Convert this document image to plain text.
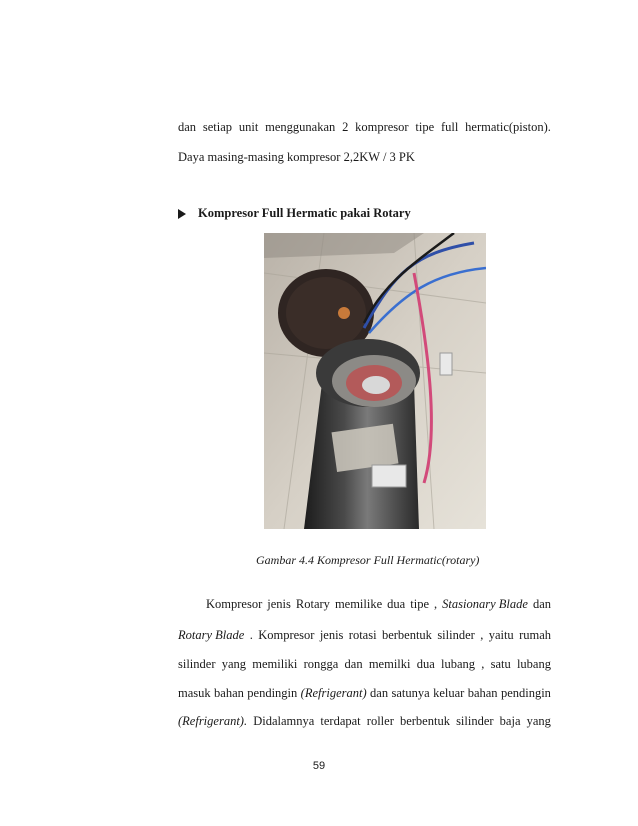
dan setiap unit menggunakan 2 kompresor tipe full hermatic(piston).
Daya masing-masing kompresor 2,2KW / 3 PK
Kompresor Full Hermatic pakai Rotary
Gambar 4.4 Kompresor Full Hermatic(rotary)
Kompresor jenis Rotary memilike dua tipe , Stasionary Blade dan
Rotary Blade . Kompresor jenis rotasi berbentuk silinder , yaitu rumah
silinder yang memiliki rongga dan memilki dua lubang , satu lubang
masuk bahan pendingin (Refrigerant) dan satunya keluar bahan pendingin
(Refrigerant). Didalamnya terdapat roller berbentuk silinder baja yang
59
